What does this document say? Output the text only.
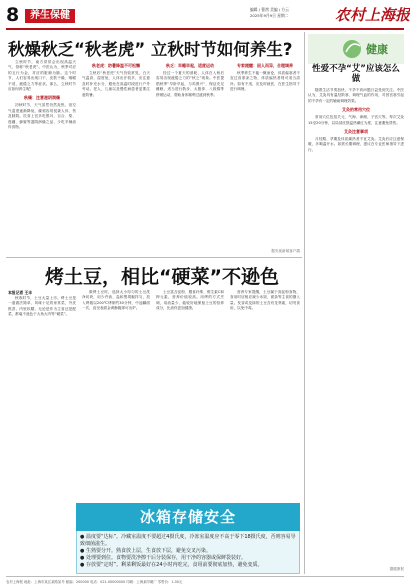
8	养生保健
编辑 / 曹茜 美编 / 方云
2025年9月9日 星期二	农村上海报
秋燥秋乏“秋老虎” 立秋时节如何养生?

立秋时节，南方常常会出现高温天气，俗称“秋老虎”。中医认为，秋季对应的五行为金，对应的脏腑为肺。这个时节，人们容易出现口干、皮肤干燥、咽喉不适、疲倦乏力等症状。那么，立秋时节应如何养生呢？

秋燥：注意滋阴润燥

初秋时节，天气虽然仍然炎热，但空气湿度逐渐降低，燥邪容易侵袭人体，伤及肺阴。饮食上宜多吃银耳、百合、梨、莲藕、蜂蜜等滋阴润燥之品，少吃辛辣油炸食物。

秋老虎：防暑降温不可松懈

立秋后“秋老虎”天气仍较常见，白天气温高、湿度低，人体出汗较多，应注意及时补充水分，避免在高温时段进行户外劳动。老人、儿童以及慢性病患者更要注意防暑。

秋乏：早睡早起，适度运动

经过一个夏天的消耗，人体在入秋后容易出现疲倦乏力的“秋乏”现象。中医提倡秋季“早卧早起，与鸡俱兴”，保证充足睡眠，适当进行散步、太极拳、八段锦等舒缓运动，帮助身体顺利过渡到秋季。

专家提醒：因人而异，合理调养

秋季养生不能一概而论，体质偏寒者不宜过食寒凉之物，体质偏热者则可适当清补。如有不适，应及时就医，在医生指导下进行调理。

据央视新闻客户端
烤土豆，相比“硬菜”不逊色
本报记者 王丰

秋收时节，土豆大量上市。烤土豆是一道做法简单、风味十足的家常菜，外皮焦香，内里软糯，无论是作为主食还是配菜，都毫不逊色于大鱼大肉等“硬菜”。

做烤土豆时，选择大小均匀的土豆洗净切块，用少许油、盐和黑胡椒拌匀，放入烤箱以200℃烤制约30分钟，中途翻面一次，直至表面金黄酥脆即可出炉。

土豆富含淀粉、膳食纤维、维生素C和钾元素，营养价值较高。用烤的方式烹调，用油量少，能较好地保留土豆的营养成分，比油炸更加健康。

营养专家提醒，土豆属于高淀粉食物，食用时应相应减少米饭、面条等主食的摄入量。发芽或变绿的土豆含有龙葵素，切勿食用，以免中毒。

冰箱存储安全
● 温度要“达标”。冷藏室温度不要超过4摄氏度，冷冻室温度应不高于零下18摄氏度，否则容易导致细菌滋生。
● 生熟要分开。熟食放上层，生食放下层，避免交叉污染。
● 处理要到位。食物要洗净擦干后分装保存，用干净的容器或保鲜袋装好。
● 存放要“定时”。剩菜剩饭最好在24小时内吃完，食用前要彻底加热，避免变质。
健康
性爱不孕“艾”应该怎么做

随着生活节奏加快，不孕不育问题日益受到关注。中医认为，艾灸具有温经散寒、调理气血的作用，对因宫寒引起的不孕有一定的辅助调理效果。

艾灸的常用穴位

常用穴位包括关元、气海、神阙、子宫穴等。每次艾灸15至20分钟，以局部皮肤温热潮红为度，注意避免烫伤。

艾灸注意事项

月经期、孕期及体质燥热者不宜艾灸。艾灸后应注意保暖，多喝温开水。如需长期调理，建议在专业医师指导下进行。

据健康报
农村上海报 地址：上海市某区某路某号 邮编：200000 电话：021-00000000 印刷：上海某印刷厂 零售价：1.00元
